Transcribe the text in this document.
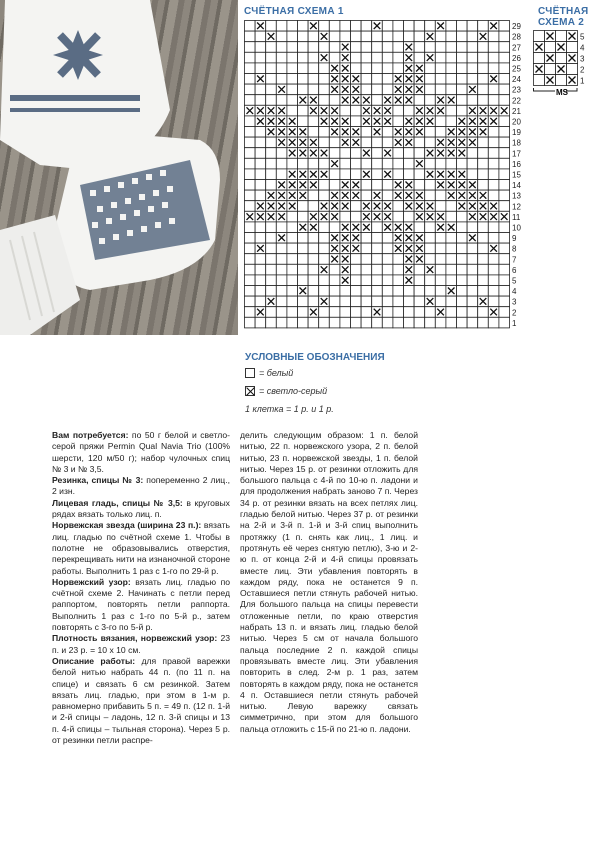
СЧЁТНАЯ СХЕМА 1
29
28
27
26
25
24
23
22
21
20
19
18
17
16
15
14
13
12
11
10
9
8
7
6
5
4
3
2
1
СЧЁТНАЯ СХЕМА 2
5
4
3
2
1
MS
УСЛОВНЫЕ ОБОЗНАЧЕНИЯ
= белый
= светло-серый
1 клетка = 1 р. и 1 р.

Вам потребуется: по 50 г белой и светло-серой пряжи Permin Qual Navia Trio (100% шерсти, 120 м/50 г); набор чулочных спиц № 3 и № 3,5.

Резинка, спицы № 3: попеременно 2 лиц., 2 изн.

Лицевая гладь, спицы № 3,5: в круговых рядах вязать только лиц. п.

Норвежская звезда (ширина 23 п.): вязать лиц. гладью по счётной схеме 1. Чтобы в полотне не образовывались отверстия, перекрещивать нити на изнаночной стороне работы. Выполнить 1 раз с 1-го по 29-й р.

Норвежский узор: вязать лиц. гладью по счётной схеме 2. Начинать с петли перед раппортом, повторять петли раппорта. Выполнить 1 раз с 1-го по 5-й р., затем повторять с 3-го по 5-й р.

Плотность вязания, норвежский узор: 23 п. и 23 р. = 10 х 10 см.

Описание работы: для правой варежки белой нитью набрать 44 п. (по 11 п. на спице) и связать 6 см резинкой. Затем вязать лиц. гладью, при этом в 1-м р. равномерно прибавить 5 п. = 49 п. (12 п. 1-й и 2-й спицы – ладонь, 12 п. 3-й спицы и 13 п. 4-й спицы – тыльная сторона). Через 5 р. от резинки петли распре-

делить следующим образом: 1 п. белой нитью, 22 п. норвежского узора, 2 п. белой нитью, 23 п. норвежской звезды, 1 п. белой нитью. Через 15 р. от резинки отложить для большого пальца с 4-й по 10-ю п. ладони и для продолжения набрать заново 7 п. Через 34 р. от резинки вязать на всех петлях лиц. гладью белой нитью. Через 37 р. от резинки на 2-й и 3-й п. 1-й и 3-й спиц выполнить протяжку (1 п. снять как лиц., 1 лиц. и протянуть её через снятую петлю), 3-ю и 2-ю п. от конца 2-й и 4-й спицы провязать вместе лиц. Эти убавления повторять в каждом ряду, пока не останется 9 п. Оставшиеся петли стянуть рабочей нитью. Для большого пальца на спицы перевести отложенные петли, по краю отверстия набрать 13 п. и вязать лиц. гладью белой нитью. Через 5 см от начала большого пальца последние 2 п. каждой спицы провязывать вместе лиц. Эти убавления повторить в след. 2-м р. 1 раз, затем повторять в каждом ряду, пока не останется 4 п. Оставшиеся петли стянуть рабочей нитью. Левую варежку связать симметрично, при этом для большого пальца отложить с 15-й по 21-ю п. ладони.
